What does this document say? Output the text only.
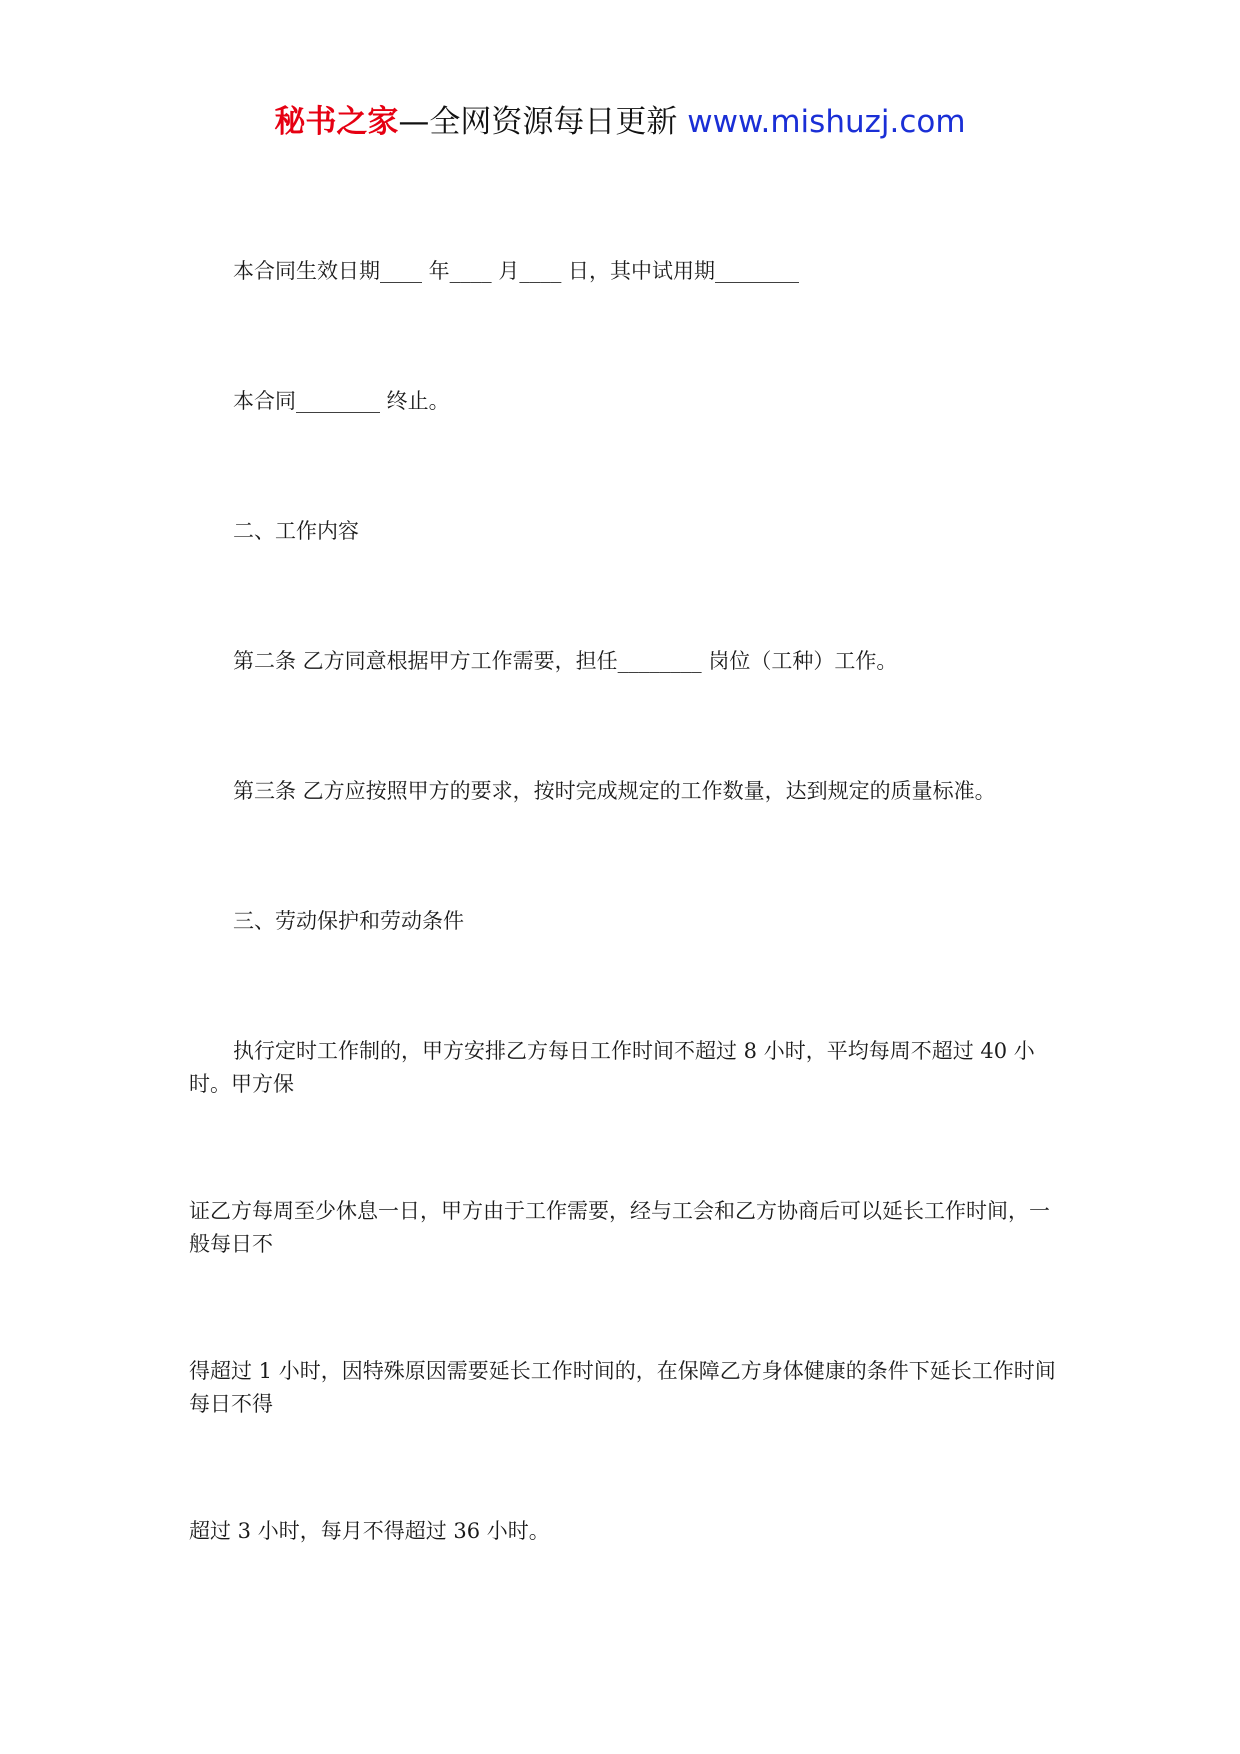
秘书之家—全网资源每日更新 www.mishuzj.com

本合同生效日期____ 年____ 月____ 日，其中试用期________

本合同________ 终止。

二、工作内容

第二条 乙方同意根据甲方工作需要，担任________ 岗位（工种）工作。

第三条 乙方应按照甲方的要求，按时完成规定的工作数量，达到规定的质量标准。

三、劳动保护和劳动条件

执行定时工作制的，甲方安排乙方每日工作时间不超过 8 小时，平均每周不超过 40 小时。甲方保

证乙方每周至少休息一日，甲方由于工作需要，经与工会和乙方协商后可以延长工作时间，一般每日不

得超过 1 小时，因特殊原因需要延长工作时间的，在保障乙方身体健康的条件下延长工作时间每日不得

超过 3 小时，每月不得超过 36 小时。
